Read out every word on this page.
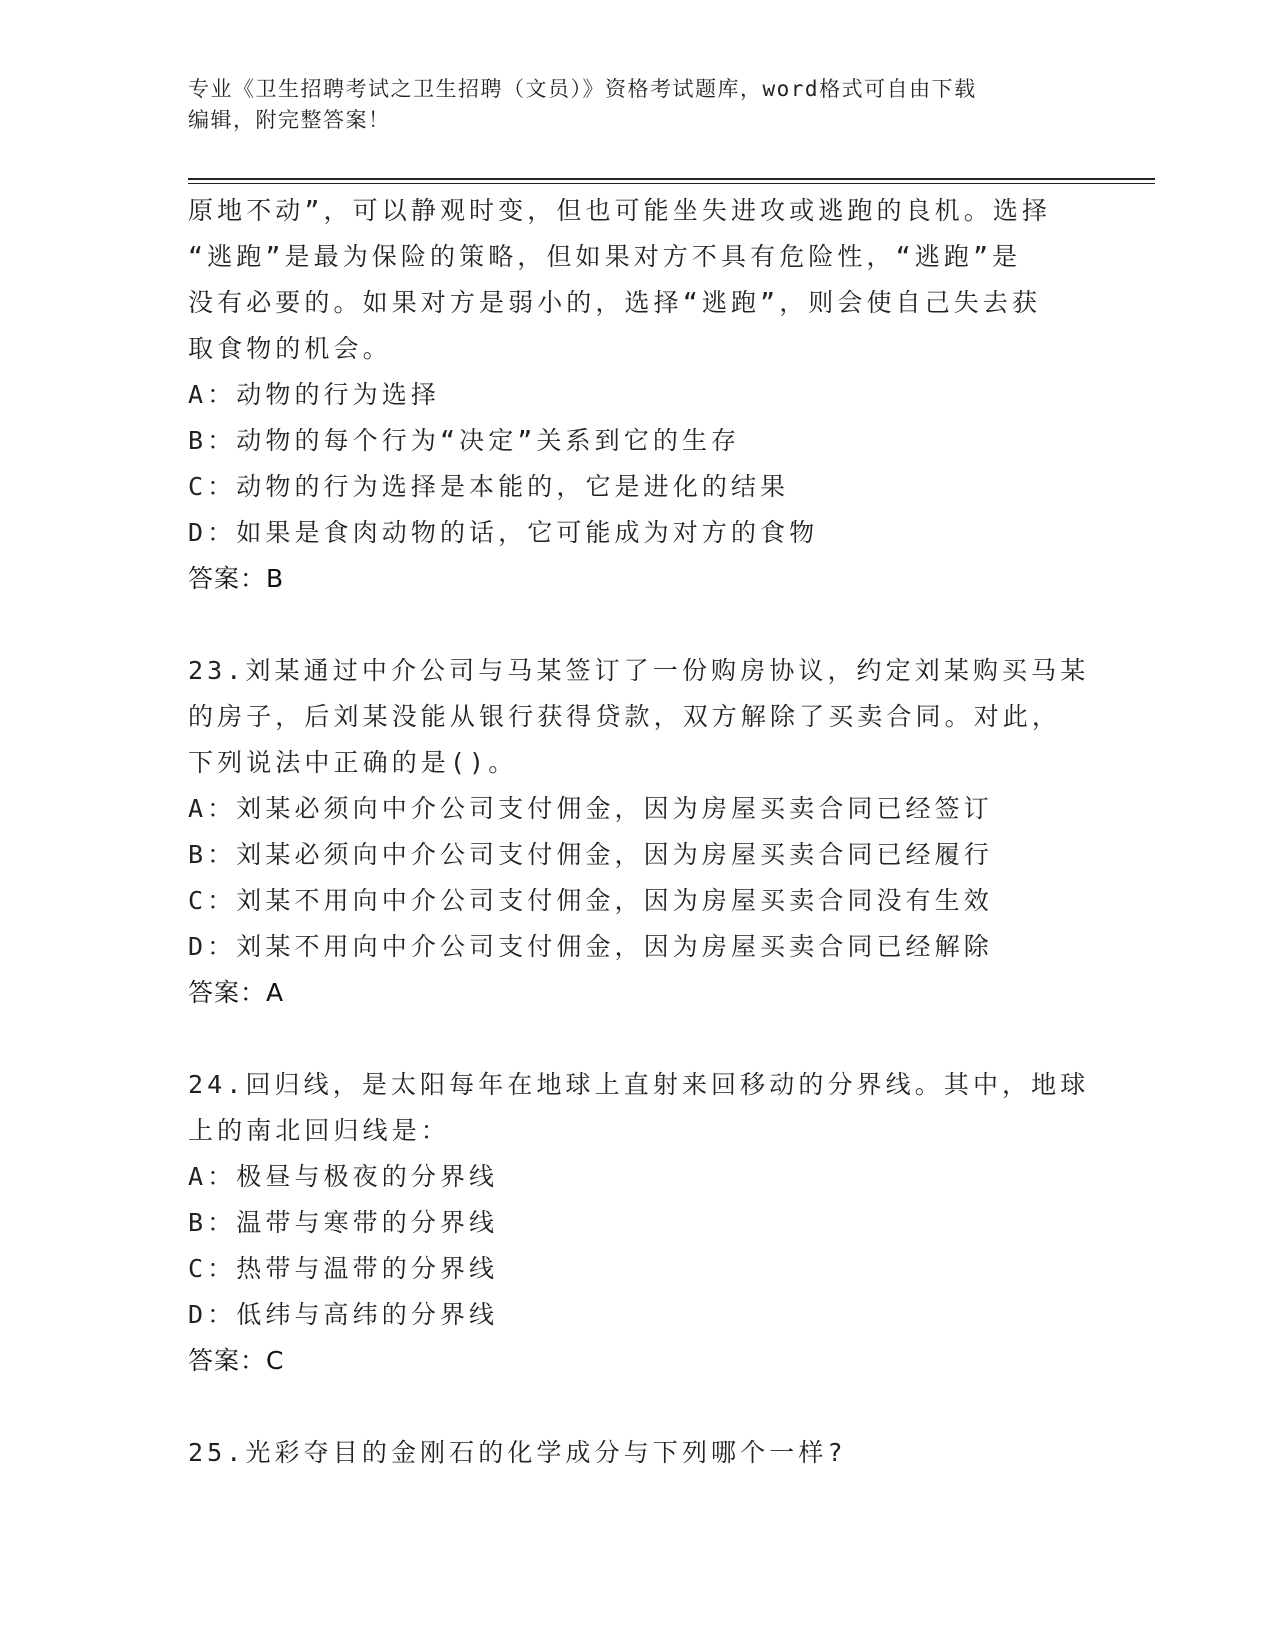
专业《卫生招聘考试之卫生招聘（文员）》资格考试题库，word格式可自由下载
编辑，附完整答案！
原地不动”，可以静观时变，但也可能坐失进攻或逃跑的良机。选择
“逃跑”是最为保险的策略，但如果对方不具有危险性，“逃跑”是
没有必要的。如果对方是弱小的，选择“逃跑”，则会使自己失去获
取食物的机会。
A：动物的行为选择
B：动物的每个行为“决定”关系到它的生存
C：动物的行为选择是本能的，它是进化的结果
D：如果是食肉动物的话，它可能成为对方的食物
答案：B
23.刘某通过中介公司与马某签订了一份购房协议，约定刘某购买马某
的房子，后刘某没能从银行获得贷款，双方解除了买卖合同。对此，
下列说法中正确的是()。
A：刘某必须向中介公司支付佣金，因为房屋买卖合同已经签订
B：刘某必须向中介公司支付佣金，因为房屋买卖合同已经履行
C：刘某不用向中介公司支付佣金，因为房屋买卖合同没有生效
D：刘某不用向中介公司支付佣金，因为房屋买卖合同已经解除
答案：A
24.回归线，是太阳每年在地球上直射来回移动的分界线。其中，地球
上的南北回归线是：
A：极昼与极夜的分界线
B：温带与寒带的分界线
C：热带与温带的分界线
D：低纬与高纬的分界线
答案：C
25.光彩夺目的金刚石的化学成分与下列哪个一样?
